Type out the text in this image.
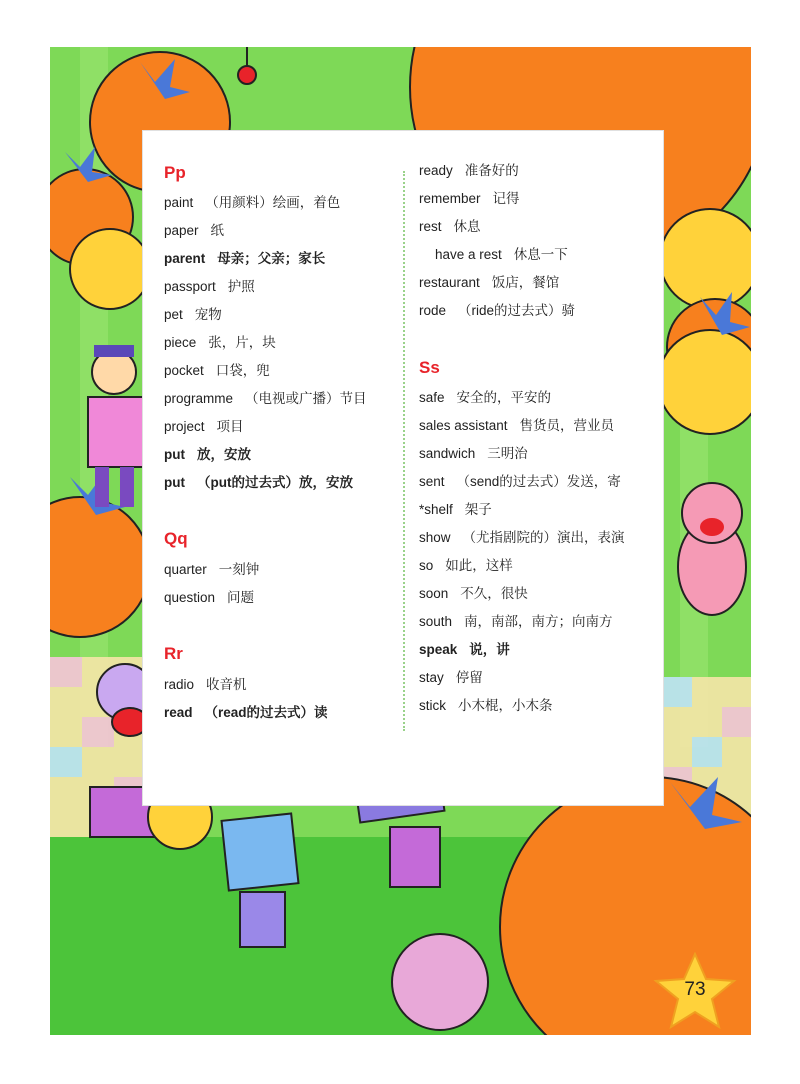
Pp
paint （用颜料）绘画，着色
paper 纸
parent 母亲；父亲；家长
passport 护照
pet 宠物
piece 张，片，块
pocket 口袋，兜
programme （电视或广播）节目
project 项目
put 放，安放
put （put的过去式）放，安放
Qq
quarter 一刻钟
question 问题
Rr
radio 收音机
read （read的过去式）读
ready 准备好的
remember 记得
rest 休息
have a rest 休息一下
restaurant 饭店，餐馆
rode （ride的过去式）骑
Ss
safe 安全的，平安的
sales assistant 售货员，营业员
sandwich 三明治
sent （send的过去式）发送，寄
*shelf 架子
show （尤指剧院的）演出，表演
so 如此，这样
soon 不久，很快
south 南，南部，南方；向南方
speak 说，讲
stay 停留
stick 小木棍，小木条
73
